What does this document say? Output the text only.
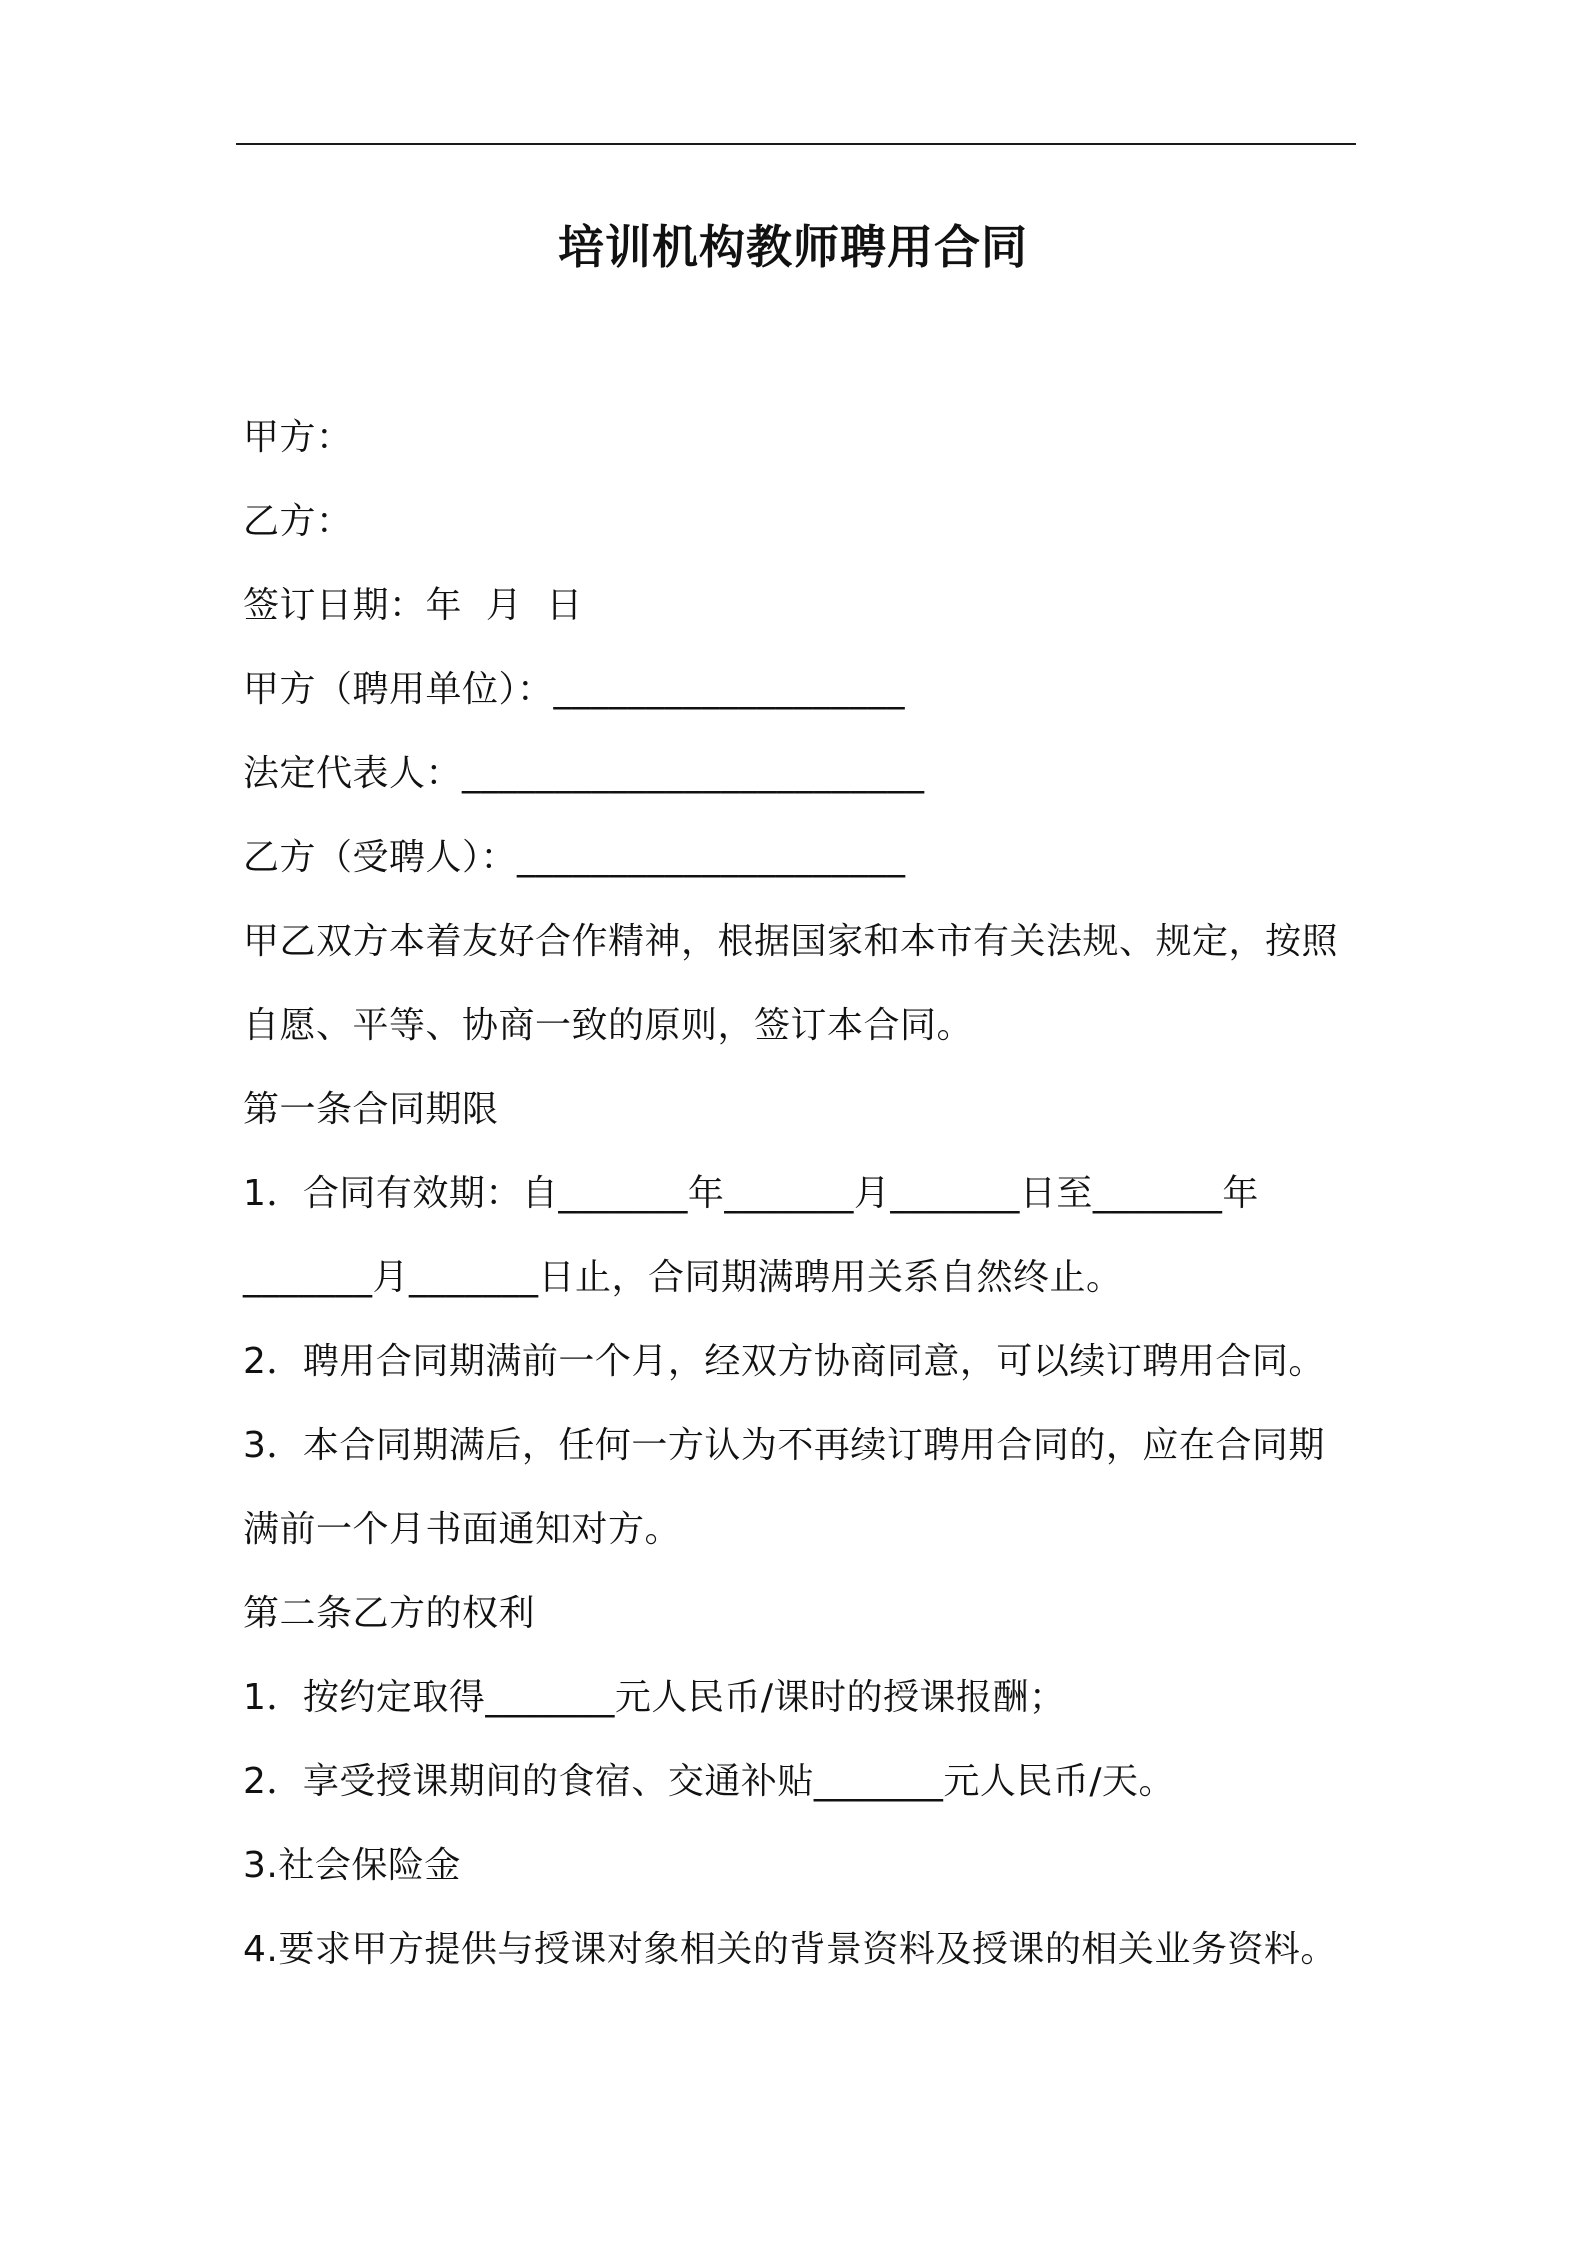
培训机构教师聘用合同
甲方：
乙方：
签订日期：年  月  日
甲方（聘用单位）：___________________
法定代表人：_________________________
乙方（受聘人）：_____________________
甲乙双方本着友好合作精神，根据国家和本市有关法规、规定，按照
自愿、平等、协商一致的原则，签订本合同。
第一条合同期限
1．合同有效期：自_______年_______月_______日至_______年
_______月_______日止，合同期满聘用关系自然终止。
2．聘用合同期满前一个月，经双方协商同意，可以续订聘用合同。
3．本合同期满后，任何一方认为不再续订聘用合同的，应在合同期
满前一个月书面通知对方。
第二条乙方的权利
1．按约定取得_______元人民币/课时的授课报酬；
2．享受授课期间的食宿、交通补贴_______元人民币/天。
3.社会保险金
4.要求甲方提供与授课对象相关的背景资料及授课的相关业务资料。
